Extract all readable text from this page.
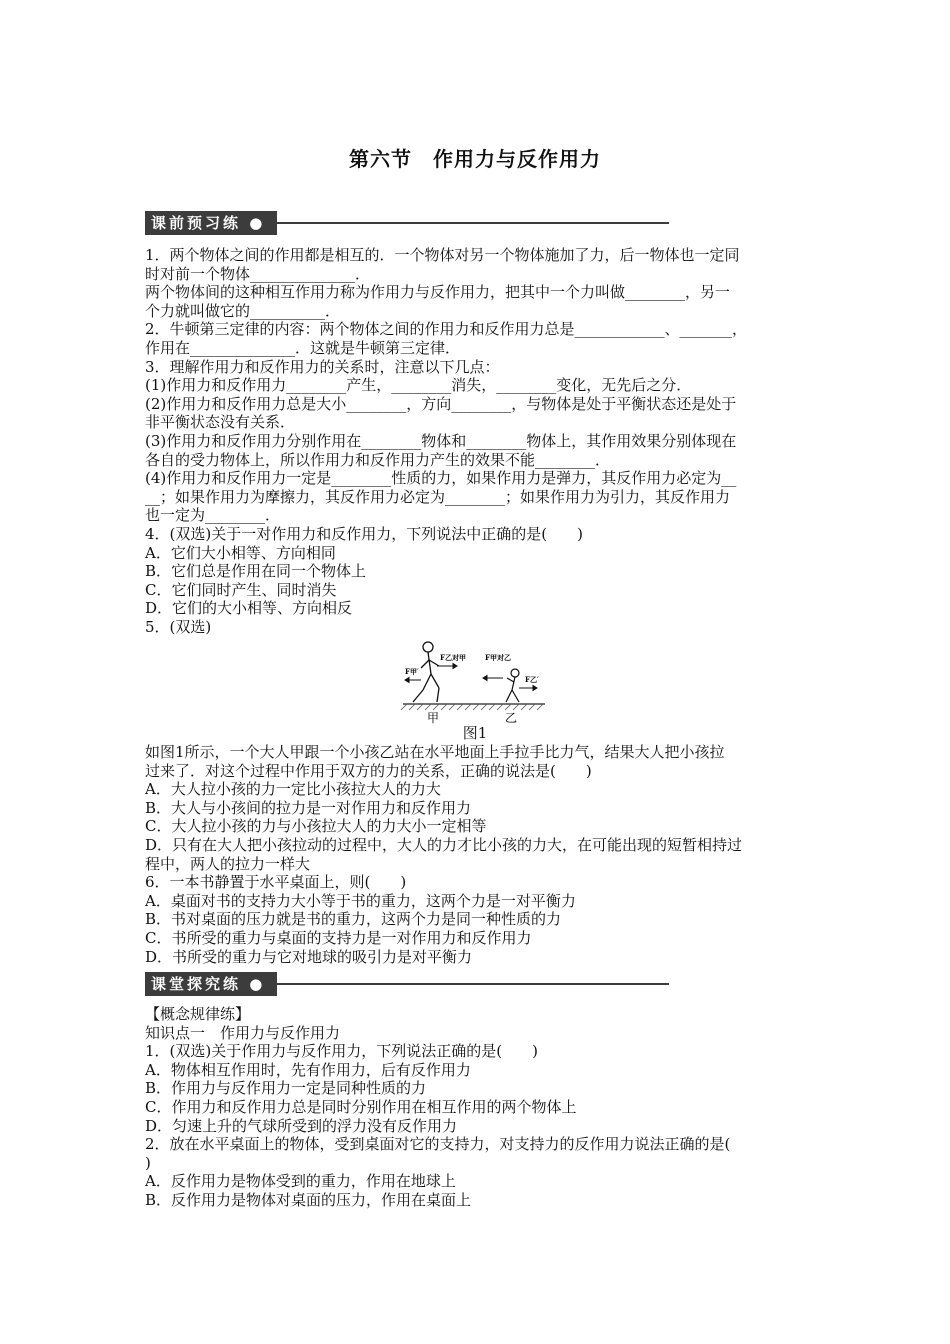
第六节　作用力与反作用力
课前预习练 ●
1．两个物体之间的作用都是相互的．一个物体对另一个物体施加了力，后一物体也一定同
时对前一个物体______________．
两个物体间的这种相互作用力称为作用力与反作用力，把其中一个力叫做________，另一
个力就叫做它的__________．
2．牛顿第三定律的内容：两个物体之间的作用力和反作用力总是____________、_______，
作用在______________．这就是牛顿第三定律．
3．理解作用力和反作用力的关系时，注意以下几点：
(1)作用力和反作用力________产生，________消失，________变化，无先后之分．
(2)作用力和反作用力总是大小________，方向________，与物体是处于平衡状态还是处于
非平衡状态没有关系．
(3)作用力和反作用力分别作用在________物体和________物体上，其作用效果分别体现在
各自的受力物体上，所以作用力和反作用力产生的效果不能________．
(4)作用力和反作用力一定是________性质的力，如果作用力是弹力，其反作用力必定为__
__；如果作用力为摩擦力，其反作用力必定为________；如果作用力为引力，其反作用力
也一定为________．
4．(双选)关于一对作用力和反作用力，下列说法中正确的是(　　)
A．它们大小相等、方向相同
B．它们总是作用在同一个物体上
C．它们同时产生、同时消失
D．它们的大小相等、方向相反
5．(双选)
F乙对甲	F甲对乙
F甲′
F乙′
甲	乙
图1
如图1所示，一个大人甲跟一个小孩乙站在水平地面上手拉手比力气，结果大人把小孩拉
过来了．对这个过程中作用于双方的力的关系，正确的说法是(　　)
A．大人拉小孩的力一定比小孩拉大人的力大
B．大人与小孩间的拉力是一对作用力和反作用力
C．大人拉小孩的力与小孩拉大人的力大小一定相等
D．只有在大人把小孩拉动的过程中，大人的力才比小孩的力大，在可能出现的短暂相持过
程中，两人的拉力一样大
6．一本书静置于水平桌面上，则(　　)
A．桌面对书的支持力大小等于书的重力，这两个力是一对平衡力
B．书对桌面的压力就是书的重力，这两个力是同一种性质的力
C．书所受的重力与桌面的支持力是一对作用力和反作用力
D．书所受的重力与它对地球的吸引力是对平衡力
课堂探究练 ●
【概念规律练】
知识点一　作用力与反作用力
1．(双选)关于作用力与反作用力，下列说法正确的是(　　)
A．物体相互作用时，先有作用力，后有反作用力
B．作用力与反作用力一定是同种性质的力
C．作用力和反作用力总是同时分别作用在相互作用的两个物体上
D．匀速上升的气球所受到的浮力没有反作用力
2．放在水平桌面上的物体，受到桌面对它的支持力，对支持力的反作用力说法正确的是(
)
A．反作用力是物体受到的重力，作用在地球上
B．反作用力是物体对桌面的压力，作用在桌面上
